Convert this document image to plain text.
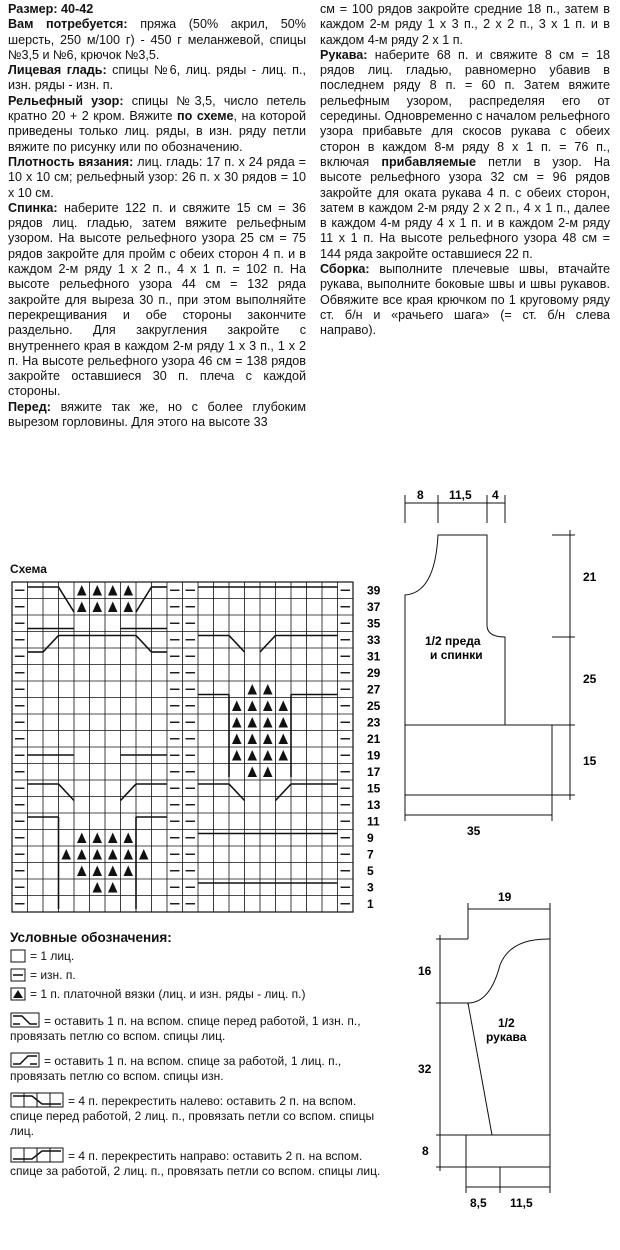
Размер: 40-42

Вам потребуется: пряжа (50% акрил, 50% шерсть, 250 м/100 г) - 450 г меланжевой, спицы №3,5 и №6, крючок №3,5.

Лицевая гладь: спицы №6, лиц. ряды - лиц. п., изн. ряды - изн. п.

Рельефный узор: спицы №3,5, число петель кратно 20 + 2 кром. Вяжите по схеме, на которой приведены только лиц. ряды, в изн. ряду петли вяжите по рисунку или по обозначению.

Плотность вязания: лиц. гладь: 17 п. х 24 ряда = 10 х 10 см; рельефный узор: 26 п. х 30 рядов = 10 х 10 см.

Спинка: наберите 122 п. и свяжите 15 см = 36 рядов лиц. гладью, затем вяжите рельефным узором. На высоте рельефного узора 25 см = 75 рядов закройте для пройм с обеих сторон 4 п. и в каждом 2-м ряду 1 х 2 п., 4 х 1 п. = 102 п. На высоте рельефного узора 44 см = 132 ряда закройте для выреза 30 п., при этом выполняйте перекрещивания и обе стороны закончите раздельно. Для закругления закройте с внутреннего края в каждом 2-м ряду 1 х 3 п., 1 х 2 п. На высоте рельефного узора 46 см = 138 рядов закройте оставшиеся 30 п. плеча с каждой стороны.

Перед: вяжите так же, но с более глубоким вырезом горловины. Для этого на высоте 33

см = 100 рядов закройте средние 18 п., затем в каждом 2-м ряду 1 х 3 п., 2 х 2 п., 3 х 1 п. и в каждом 4-м ряду 2 х 1 п.

Рукава: наберите 68 п. и свяжите 8 см = 18 рядов лиц. гладью, равномерно убавив в последнем ряду 8 п. = 60 п. Затем вяжите рельефным узором, распределяя его от середины. Одновременно с началом рельефного узора прибавьте для скосов рукава с обеих сторон в каждом 8-м ряду 8 х 1 п. = 76 п., включая прибавляемые петли в узор. На высоте рельефного узора 32 см = 96 рядов закройте для оката рукава 4 п. с обеих сторон, затем в каждом 2-м ряду 2 х 2 п., 4 х 1 п., далее в каждом 4-м ряду 4 х 1 п. и в каждом 2-м ряду 11 х 1 п. На высоте рельефного узора 48 см = 144 ряда закройте оставшиеся 22 п.

Сборка: выполните плечевые швы, втачайте рукава, выполните боковые швы и швы рукавов. Обвяжите все края крючком по 1 круговому ряду ст. б/н и «рачьего шага» (= ст. б/н слева направо).

8 11,5 4
21
25
15
35
1/2 преда
и спинки
19
16
32
8
8,5 11,5
1/2
рукава
Схема
39
37
35
33
31
29
27
25
23
21
19
17
15
13
11
9
7
5
3
1
Условные обозначения:
= 1 лиц.
= изн. п.
= 1 п. платочной вязки (лиц. и изн. ряды - лиц. п.)
= оставить 1 п. на вспом. спице перед работой, 1 изн. п., провязать петлю со вспом. спицы лиц.
= оставить 1 п. на вспом. спице за работой, 1 лиц. п., провязать петлю со вспом. спицы изн.
= 4 п. перекрестить налево: оставить 2 п. на вспом. спице перед работой, 2 лиц. п., провязать петли со вспом. спицы лиц.
= 4 п. перекрестить направо: оставить 2 п. на вспом. спице за работой, 2 лиц. п., провязать петли со вспом. спицы лиц.
